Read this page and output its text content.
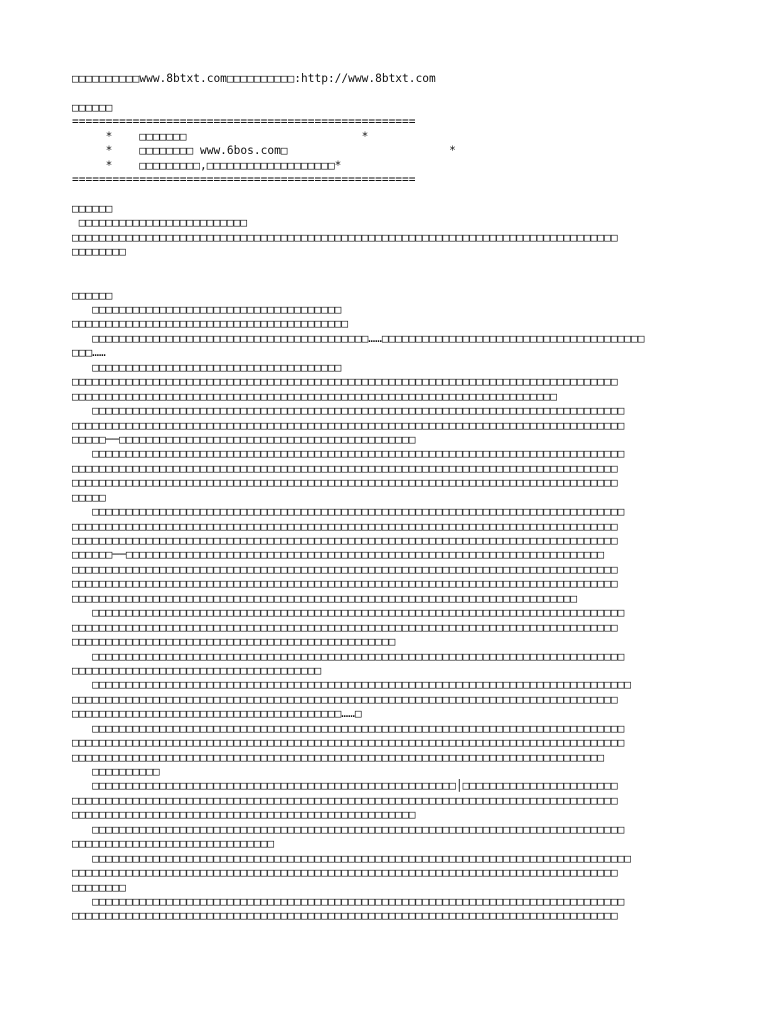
□□□□□□□□□□www.8btxt.com□□□□□□□□□□:http://www.8btxt.com
□□□□□□
===================================================
*    □□□□□□□                          *
*    □□□□□□□□ www.6bos.com□                        *
*    □□□□□□□□□,□□□□□□□□□□□□□□□□□□□*
===================================================
□□□□□□
□□□□□□□□□□□□□□□□□□□□□□□□□
□□□□□□□□□□□□□□□□□□□□□□□□□□□□□□□□□□□□□□□□□□□□□□□□□□□□□□□□□□□□□□□□□□□□□□□□□□□□□□□□□
□□□□□□□□
□□□□□□
□□□□□□□□□□□□□□□□□□□□□□□□□□□□□□□□□□□□□
□□□□□□□□□□□□□□□□□□□□□□□□□□□□□□□□□□□□□□□□□
□□□□□□□□□□□□□□□□□□□□□□□□□□□□□□□□□□□□□□□□□……□□□□□□□□□□□□□□□□□□□□□□□□□□□□□□□□□□□□□□□
□□□……
□□□□□□□□□□□□□□□□□□□□□□□□□□□□□□□□□□□□□
□□□□□□□□□□□□□□□□□□□□□□□□□□□□□□□□□□□□□□□□□□□□□□□□□□□□□□□□□□□□□□□□□□□□□□□□□□□□□□□□□
□□□□□□□□□□□□□□□□□□□□□□□□□□□□□□□□□□□□□□□□□□□□□□□□□□□□□□□□□□□□□□□□□□□□□□□□
□□□□□□□□□□□□□□□□□□□□□□□□□□□□□□□□□□□□□□□□□□□□□□□□□□□□□□□□□□□□□□□□□□□□□□□□□□□□□□□
□□□□□□□□□□□□□□□□□□□□□□□□□□□□□□□□□□□□□□□□□□□□□□□□□□□□□□□□□□□□□□□□□□□□□□□□□□□□□□□□□□
□□□□□──□□□□□□□□□□□□□□□□□□□□□□□□□□□□□□□□□□□□□□□□□□□□
□□□□□□□□□□□□□□□□□□□□□□□□□□□□□□□□□□□□□□□□□□□□□□□□□□□□□□□□□□□□□□□□□□□□□□□□□□□□□□□
□□□□□□□□□□□□□□□□□□□□□□□□□□□□□□□□□□□□□□□□□□□□□□□□□□□□□□□□□□□□□□□□□□□□□□□□□□□□□□□□□
□□□□□□□□□□□□□□□□□□□□□□□□□□□□□□□□□□□□□□□□□□□□□□□□□□□□□□□□□□□□□□□□□□□□□□□□□□□□□□□□□
□□□□□
□□□□□□□□□□□□□□□□□□□□□□□□□□□□□□□□□□□□□□□□□□□□□□□□□□□□□□□□□□□□□□□□□□□□□□□□□□□□□□□
□□□□□□□□□□□□□□□□□□□□□□□□□□□□□□□□□□□□□□□□□□□□□□□□□□□□□□□□□□□□□□□□□□□□□□□□□□□□□□□□□
□□□□□□□□□□□□□□□□□□□□□□□□□□□□□□□□□□□□□□□□□□□□□□□□□□□□□□□□□□□□□□□□□□□□□□□□□□□□□□□□□
□□□□□□──□□□□□□□□□□□□□□□□□□□□□□□□□□□□□□□□□□□□□□□□□□□□□□□□□□□□□□□□□□□□□□□□□□□□□□□
□□□□□□□□□□□□□□□□□□□□□□□□□□□□□□□□□□□□□□□□□□□□□□□□□□□□□□□□□□□□□□□□□□□□□□□□□□□□□□□□□
□□□□□□□□□□□□□□□□□□□□□□□□□□□□□□□□□□□□□□□□□□□□□□□□□□□□□□□□□□□□□□□□□□□□□□□□□□□□□□□□□
□□□□□□□□□□□□□□□□□□□□□□□□□□□□□□□□□□□□□□□□□□□□□□□□□□□□□□□□□□□□□□□□□□□□□□□□□□□
□□□□□□□□□□□□□□□□□□□□□□□□□□□□□□□□□□□□□□□□□□□□□□□□□□□□□□□□□□□□□□□□□□□□□□□□□□□□□□□
□□□□□□□□□□□□□□□□□□□□□□□□□□□□□□□□□□□□□□□□□□□□□□□□□□□□□□□□□□□□□□□□□□□□□□□□□□□□□□□□□
□□□□□□□□□□□□□□□□□□□□□□□□□□□□□□□□□□□□□□□□□□□□□□□□
□□□□□□□□□□□□□□□□□□□□□□□□□□□□□□□□□□□□□□□□□□□□□□□□□□□□□□□□□□□□□□□□□□□□□□□□□□□□□□□
□□□□□□□□□□□□□□□□□□□□□□□□□□□□□□□□□□□□□
□□□□□□□□□□□□□□□□□□□□□□□□□□□□□□□□□□□□□□□□□□□□□□□□□□□□□□□□□□□□□□□□□□□□□□□□□□□□□□□□
□□□□□□□□□□□□□□□□□□□□□□□□□□□□□□□□□□□□□□□□□□□□□□□□□□□□□□□□□□□□□□□□□□□□□□□□□□□□□□□□□
□□□□□□□□□□□□□□□□□□□□□□□□□□□□□□□□□□□□□□□□……□
□□□□□□□□□□□□□□□□□□□□□□□□□□□□□□□□□□□□□□□□□□□□□□□□□□□□□□□□□□□□□□□□□□□□□□□□□□□□□□□
□□□□□□□□□□□□□□□□□□□□□□□□□□□□□□□□□□□□□□□□□□□□□□□□□□□□□□□□□□□□□□□□□□□□□□□□□□□□□□□□□□
□□□□□□□□□□□□□□□□□□□□□□□□□□□□□□□□□□□□□□□□□□□□□□□□□□□□□□□□□□□□□□□□□□□□□□□□□□□□□□□
□□□□□□□□□□
□□□□□□□□□□□□□□□□□□□□□□□□□□□□□□□□□□□□□□□□□□□□□□□□□□□□□□│□□□□□□□□□□□□□□□□□□□□□□□
□□□□□□□□□□□□□□□□□□□□□□□□□□□□□□□□□□□□□□□□□□□□□□□□□□□□□□□□□□□□□□□□□□□□□□□□□□□□□□□□□
□□□□□□□□□□□□□□□□□□□□□□□□□□□□□□□□□□□□□□□□□□□□□□□□□□□
□□□□□□□□□□□□□□□□□□□□□□□□□□□□□□□□□□□□□□□□□□□□□□□□□□□□□□□□□□□□□□□□□□□□□□□□□□□□□□□
□□□□□□□□□□□□□□□□□□□□□□□□□□□□□□
□□□□□□□□□□□□□□□□□□□□□□□□□□□□□□□□□□□□□□□□□□□□□□□□□□□□□□□□□□□□□□□□□□□□□□□□□□□□□□□□
□□□□□□□□□□□□□□□□□□□□□□□□□□□□□□□□□□□□□□□□□□□□□□□□□□□□□□□□□□□□□□□□□□□□□□□□□□□□□□□□□
□□□□□□□□
□□□□□□□□□□□□□□□□□□□□□□□□□□□□□□□□□□□□□□□□□□□□□□□□□□□□□□□□□□□□□□□□□□□□□□□□□□□□□□□
□□□□□□□□□□□□□□□□□□□□□□□□□□□□□□□□□□□□□□□□□□□□□□□□□□□□□□□□□□□□□□□□□□□□□□□□□□□□□□□□□
